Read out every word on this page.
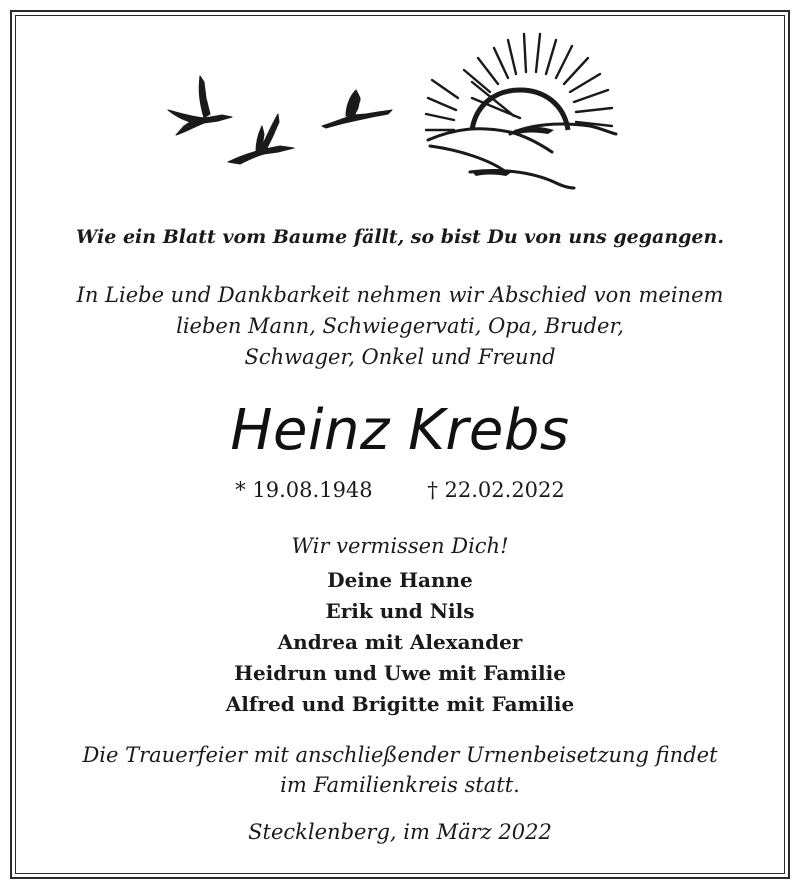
Wie ein Blatt vom Baume fällt, so bist Du von uns gegangen.
In Liebe und Dankbarkeit nehmen wir Abschied von meinem
lieben Mann, Schwiegervati, Opa, Bruder,
Schwager, Onkel und Freund
Heinz Krebs
* 19.08.1948	† 22.02.2022
Wir vermissen Dich!
Deine Hanne
Erik und Nils
Andrea mit Alexander
Heidrun und Uwe mit Familie
Alfred und Brigitte mit Familie
Die Trauerfeier mit anschließender Urnenbeisetzung findet
im Familienkreis statt.
Stecklenberg, im März 2022
